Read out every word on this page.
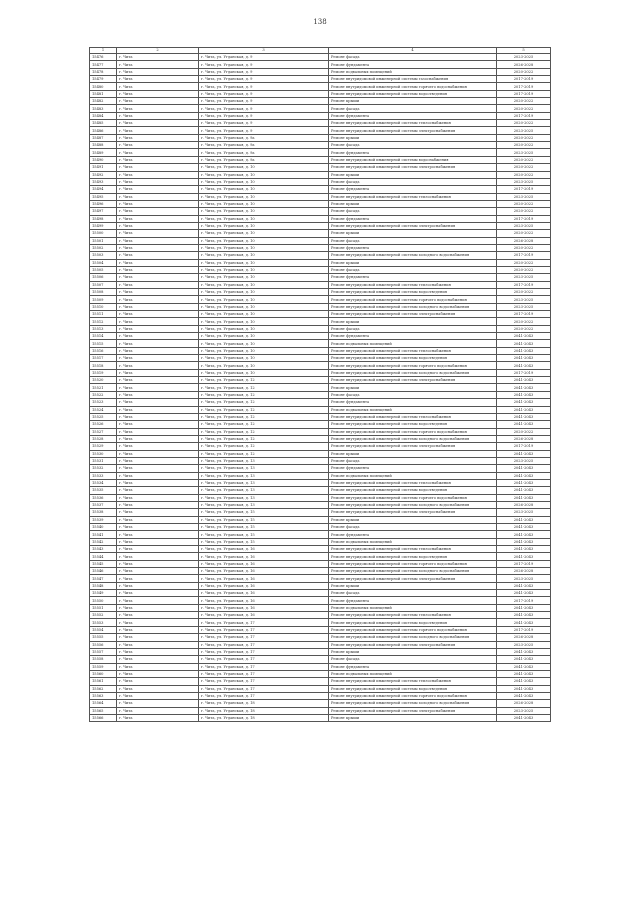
138
1	2	3	4	5
15476	г. Чита	г. Чита, ул. Угданская, д. 9	Ремонт фасада	2023-2025
15477	г. Чита	г. Чита, ул. Угданская, д. 9	Ремонт фундамента	2026-2028
15478	г. Чита	г. Чита, ул. Угданская, д. 9	Ремонт подвальных помещений	2020-2022
15479	г. Чита	г. Чита, ул. Угданская, д. 9	Ремонт внутридомовой инженерной системы газоснабжения	2017-2019
15480	г. Чита	г. Чита, ул. Угданская, д. 9	Ремонт внутридомовой инженерной системы горячего водоснабжения	2017-2019
15481	г. Чита	г. Чита, ул. Угданская, д. 9	Ремонт внутридомовой инженерной системы водоотведения	2017-2019
15482	г. Чита	г. Чита, ул. Угданская, д. 9	Ремонт крыши	2020-2022
15483	г. Чита	г. Чита, ул. Угданская, д. 9	Ремонт фасада	2020-2022
15484	г. Чита	г. Чита, ул. Угданская, д. 9	Ремонт фундамента	2017-2019
15485	г. Чита	г. Чита, ул. Угданская, д. 9	Ремонт внутридомовой инженерной системы теплоснабжения	2020-2022
15486	г. Чита	г. Чита, ул. Угданская, д. 9	Ремонт внутридомовой инженерной системы электроснабжения	2023-2025
15487	г. Чита	г. Чита, ул. Угданская, д. 9а	Ремонт крыши	2020-2022
15488	г. Чита	г. Чита, ул. Угданская, д. 9а	Ремонт фасада	2020-2022
15489	г. Чита	г. Чита, ул. Угданская, д. 9а	Ремонт фундамента	2023-2025
15490	г. Чита	г. Чита, ул. Угданская, д. 9а	Ремонт внутридомовой инженерной системы водоснабжения	2020-2022
15491	г. Чита	г. Чита, ул. Угданская, д. 10	Ремонт внутридомовой инженерной системы электроснабжения	2020-2022
15492	г. Чита	г. Чита, ул. Угданская, д. 10	Ремонт крыши	2020-2022
15493	г. Чита	г. Чита, ул. Угданская, д. 10	Ремонт фасада	2023-2025
15494	г. Чита	г. Чита, ул. Угданская, д. 10	Ремонт фундамента	2017-2019
15495	г. Чита	г. Чита, ул. Угданская, д. 10	Ремонт внутридомовой инженерной системы теплоснабжения	2023-2025
15496	г. Чита	г. Чита, ул. Угданская, д. 10	Ремонт крыши	2020-2022
15497	г. Чита	г. Чита, ул. Угданская, д. 10	Ремонт фасада	2020-2022
15498	г. Чита	г. Чита, ул. Угданская, д. 10	Ремонт фундамента	2017-2019
15499	г. Чита	г. Чита, ул. Угданская, д. 10	Ремонт внутридомовой инженерной системы электроснабжения	2023-2025
15500	г. Чита	г. Чита, ул. Угданская, д. 10	Ремонт крыши	2020-2022
15501	г. Чита	г. Чита, ул. Угданская, д. 10	Ремонт фасада	2026-2028
15502	г. Чита	г. Чита, ул. Угданская, д. 10	Ремонт фундамента	2020-2022
15503	г. Чита	г. Чита, ул. Угданская, д. 10	Ремонт внутридомовой инженерной системы холодного водоснабжения	2017-2019
15504	г. Чита	г. Чита, ул. Угданская, д. 10	Ремонт крыши	2020-2022
15505	г. Чита	г. Чита, ул. Угданская, д. 10	Ремонт фасада	2020-2022
15506	г. Чита	г. Чита, ул. Угданская, д. 10	Ремонт фундамента	2023-2025
15507	г. Чита	г. Чита, ул. Угданская, д. 10	Ремонт внутридомовой инженерной системы теплоснабжения	2017-2019
15508	г. Чита	г. Чита, ул. Угданская, д. 10	Ремонт внутридомовой инженерной системы водоотведения	2020-2022
15509	г. Чита	г. Чита, ул. Угданская, д. 10	Ремонт внутридомовой инженерной системы горячего водоснабжения	2023-2025
15510	г. Чита	г. Чита, ул. Угданская, д. 10	Ремонт внутридомовой инженерной системы холодного водоснабжения	2023-2025
15511	г. Чита	г. Чита, ул. Угданская, д. 10	Ремонт внутридомовой инженерной системы электроснабжения	2017-2019
15512	г. Чита	г. Чита, ул. Угданская, д. 10	Ремонт крыши	2020-2022
15513	г. Чита	г. Чита, ул. Угданская, д. 10	Ремонт фасада	2020-2022
15514	г. Чита	г. Чита, ул. Угданская, д. 10	Ремонт фундамента	2041-2043
15515	г. Чита	г. Чита, ул. Угданская, д. 10	Ремонт подвальных помещений	2041-2043
15516	г. Чита	г. Чита, ул. Угданская, д. 10	Ремонт внутридомовой инженерной системы теплоснабжения	2041-2043
15517	г. Чита	г. Чита, ул. Угданская, д. 10	Ремонт внутридомовой инженерной системы водоотведения	2041-2043
15518	г. Чита	г. Чита, ул. Угданская, д. 10	Ремонт внутридомовой инженерной системы горячего водоснабжения	2041-2043
15519	г. Чита	г. Чита, ул. Угданская, д. 10	Ремонт внутридомовой инженерной системы холодного водоснабжения	2017-2019
15520	г. Чита	г. Чита, ул. Угданская, д. 12	Ремонт внутридомовой инженерной системы электроснабжения	2041-2043
15521	г. Чита	г. Чита, ул. Угданская, д. 12	Ремонт крыши	2041-2043
15522	г. Чита	г. Чита, ул. Угданская, д. 12	Ремонт фасада	2041-2043
15523	г. Чита	г. Чита, ул. Угданская, д. 12	Ремонт фундамента	2041-2043
15524	г. Чита	г. Чита, ул. Угданская, д. 12	Ремонт подвальных помещений	2041-2043
15525	г. Чита	г. Чита, ул. Угданская, д. 12	Ремонт внутридомовой инженерной системы теплоснабжения	2041-2043
15526	г. Чита	г. Чита, ул. Угданская, д. 12	Ремонт внутридомовой инженерной системы водоотведения	2041-2043
15527	г. Чита	г. Чита, ул. Угданская, д. 12	Ремонт внутридомовой инженерной системы горячего водоснабжения	2020-2022
15528	г. Чита	г. Чита, ул. Угданская, д. 12	Ремонт внутридомовой инженерной системы холодного водоснабжения	2026-2028
15529	г. Чита	г. Чита, ул. Угданская, д. 12	Ремонт внутридомовой инженерной системы электроснабжения	2017-2019
15530	г. Чита	г. Чита, ул. Угданская, д. 12	Ремонт крыши	2041-2043
15531	г. Чита	г. Чита, ул. Угданская, д. 13	Ремонт фасада	2023-2025
15532	г. Чита	г. Чита, ул. Угданская, д. 13	Ремонт фундамента	2041-2043
15533	г. Чита	г. Чита, ул. Угданская, д. 13	Ремонт подвальных помещений	2041-2043
15534	г. Чита	г. Чита, ул. Угданская, д. 13	Ремонт внутридомовой инженерной системы теплоснабжения	2041-2043
15535	г. Чита	г. Чита, ул. Угданская, д. 13	Ремонт внутридомовой инженерной системы водоотведения	2041-2043
15536	г. Чита	г. Чита, ул. Угданская, д. 13	Ремонт внутридомовой инженерной системы горячего водоснабжения	2041-2043
15537	г. Чита	г. Чита, ул. Угданская, д. 13	Ремонт внутридомовой инженерной системы холодного водоснабжения	2026-2028
15538	г. Чита	г. Чита, ул. Угданская, д. 15	Ремонт внутридомовой инженерной системы электроснабжения	2023-2025
15539	г. Чита	г. Чита, ул. Угданская, д. 15	Ремонт крыши	2041-2043
15540	г. Чита	г. Чита, ул. Угданская, д. 15	Ремонт фасада	2041-2043
15541	г. Чита	г. Чита, ул. Угданская, д. 15	Ремонт фундамента	2041-2043
15542	г. Чита	г. Чита, ул. Угданская, д. 15	Ремонт подвальных помещений	2041-2043
15543	г. Чита	г. Чита, ул. Угданская, д. 16	Ремонт внутридомовой инженерной системы теплоснабжения	2041-2043
15544	г. Чита	г. Чита, ул. Угданская, д. 16	Ремонт внутридомовой инженерной системы водоотведения	2041-2043
15545	г. Чита	г. Чита, ул. Угданская, д. 16	Ремонт внутридомовой инженерной системы горячего водоснабжения	2017-2019
15546	г. Чита	г. Чита, ул. Угданская, д. 16	Ремонт внутридомовой инженерной системы холодного водоснабжения	2026-2028
15547	г. Чита	г. Чита, ул. Угданская, д. 16	Ремонт внутридомовой инженерной системы электроснабжения	2023-2025
15548	г. Чита	г. Чита, ул. Угданская, д. 16	Ремонт крыши	2041-2043
15549	г. Чита	г. Чита, ул. Угданская, д. 16	Ремонт фасада	2041-2043
15550	г. Чита	г. Чита, ул. Угданская, д. 16	Ремонт фундамента	2017-2019
15551	г. Чита	г. Чита, ул. Угданская, д. 16	Ремонт подвальных помещений	2041-2043
15552	г. Чита	г. Чита, ул. Угданская, д. 16	Ремонт внутридомовой инженерной системы теплоснабжения	2041-2043
15553	г. Чита	г. Чита, ул. Угданская, д. 17	Ремонт внутридомовой инженерной системы водоотведения	2041-2043
15554	г. Чита	г. Чита, ул. Угданская, д. 17	Ремонт внутридомовой инженерной системы горячего водоснабжения	2017-2019
15555	г. Чита	г. Чита, ул. Угданская, д. 17	Ремонт внутридомовой инженерной системы холодного водоснабжения	2026-2028
15556	г. Чита	г. Чита, ул. Угданская, д. 17	Ремонт внутридомовой инженерной системы электроснабжения	2023-2025
15557	г. Чита	г. Чита, ул. Угданская, д. 17	Ремонт крыши	2041-2043
15558	г. Чита	г. Чита, ул. Угданская, д. 17	Ремонт фасада	2041-2043
15559	г. Чита	г. Чита, ул. Угданская, д. 17	Ремонт фундамента	2041-2043
15560	г. Чита	г. Чита, ул. Угданская, д. 17	Ремонт подвальных помещений	2041-2043
15561	г. Чита	г. Чита, ул. Угданская, д. 17	Ремонт внутридомовой инженерной системы теплоснабжения	2041-2043
15562	г. Чита	г. Чита, ул. Угданская, д. 17	Ремонт внутридомовой инженерной системы водоотведения	2041-2043
15563	г. Чита	г. Чита, ул. Угданская, д. 17	Ремонт внутридомовой инженерной системы горячего водоснабжения	2041-2043
15564	г. Чита	г. Чита, ул. Угданская, д. 18	Ремонт внутридомовой инженерной системы холодного водоснабжения	2026-2028
15565	г. Чита	г. Чита, ул. Угданская, д. 18	Ремонт внутридомовой инженерной системы электроснабжения	2023-2025
15566	г. Чита	г. Чита, ул. Угданская, д. 18	Ремонт крыши	2041-2043
